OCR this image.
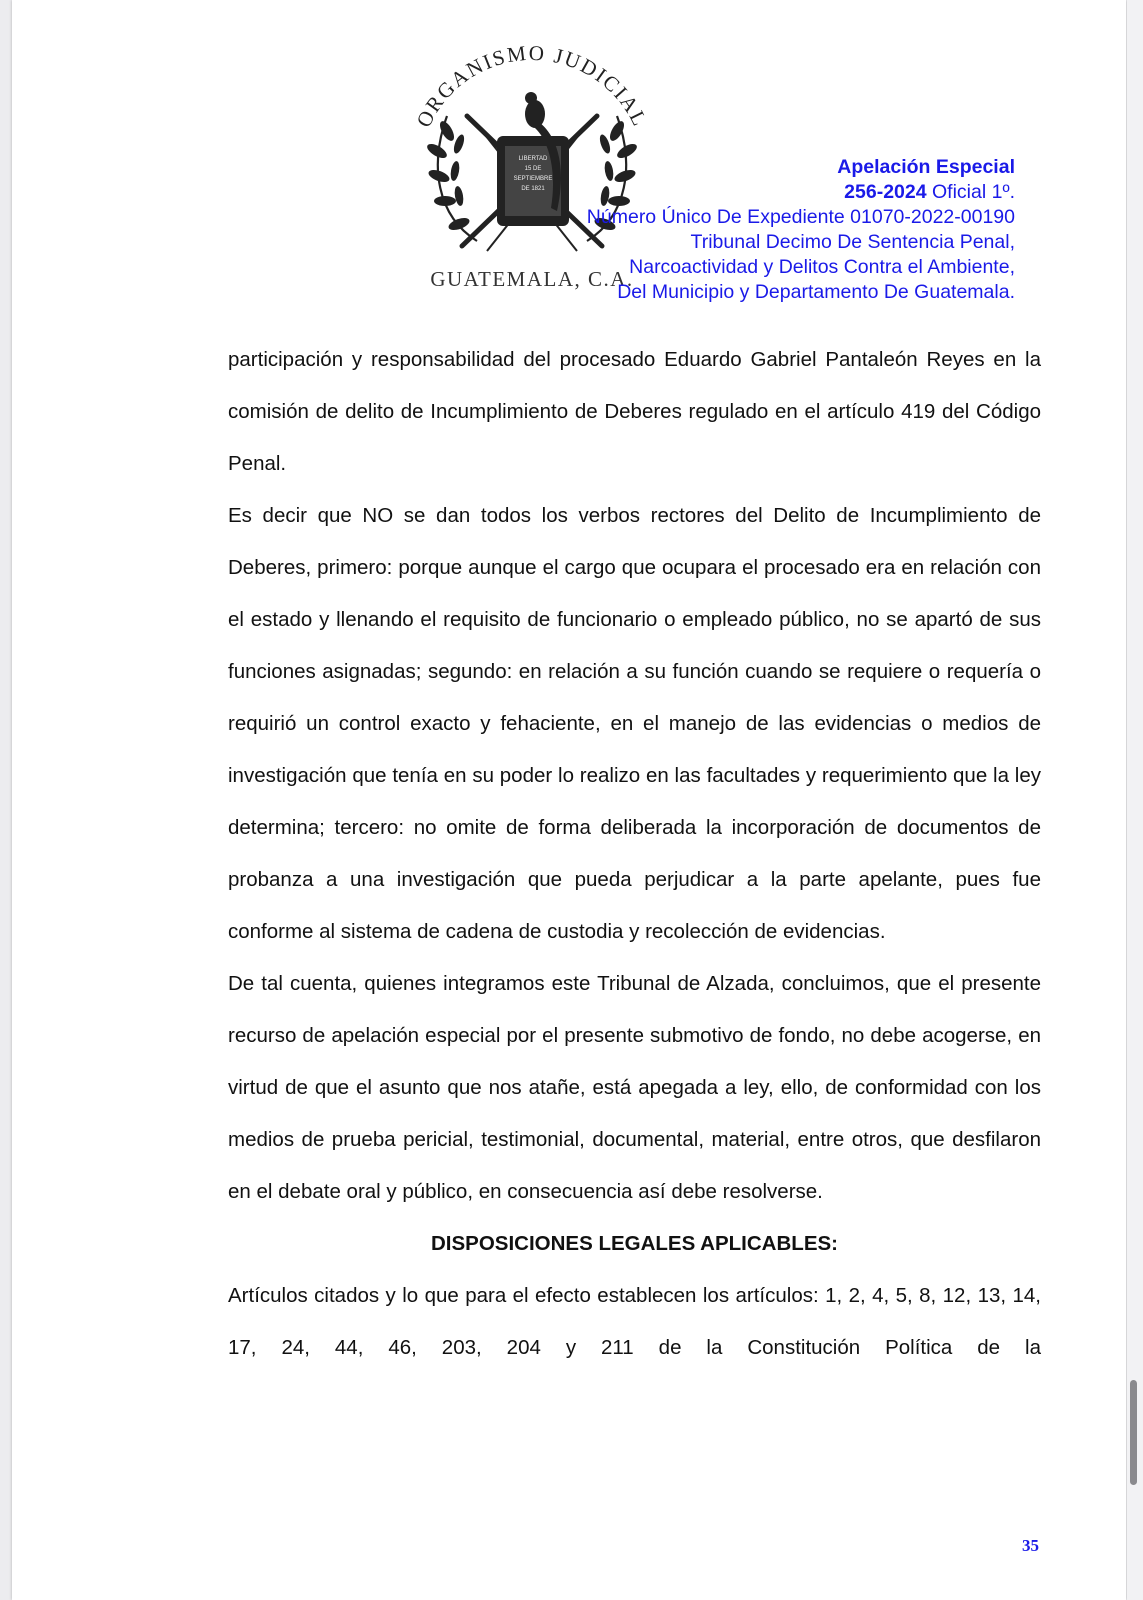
ORGANISMO JUDICIAL
LIBERTAD
15 DE
SEPTIEMBRE
DE 1821
GUATEMALA, C.A.
Apelación Especial
256-2024 Oficial 1º.
Número Único De Expediente 01070-2022-00190
Tribunal Decimo De Sentencia Penal,
Narcoactividad y Delitos Contra el Ambiente,
Del Municipio y Departamento De Guatemala.

participación y responsabilidad del procesado Eduardo Gabriel Pantaleón Reyes en la comisión de delito de Incumplimiento de Deberes regulado en el artículo 419 del Código Penal.

Es decir que NO se dan todos los verbos rectores del Delito de Incumplimiento de Deberes, primero: porque aunque el cargo que ocupara el procesado era en relación con el estado y llenando el requisito de funcionario o empleado público, no se apartó de sus funciones asignadas; segundo: en relación a su función cuando se requiere o requería o requirió un control exacto y fehaciente, en el manejo de las evidencias o medios de investigación que tenía en su poder lo realizo en las facultades y requerimiento que la ley determina; tercero: no omite de forma deliberada la incorporación de documentos de probanza a una investigación que pueda perjudicar a la parte apelante, pues fue conforme al sistema de cadena de custodia y recolección de evidencias.

De tal cuenta, quienes integramos este Tribunal de Alzada, concluimos, que el presente recurso de apelación especial por el presente submotivo de fondo, no debe acogerse, en virtud de que el asunto que nos atañe, está apegada a ley, ello, de conformidad con los medios de prueba pericial, testimonial, documental, material, entre otros, que desfilaron en el debate oral y público, en consecuencia así debe resolverse.

DISPOSICIONES LEGALES APLICABLES:

Artículos citados y lo que para el efecto establecen los artículos: 1, 2, 4, 5, 8, 12, 13, 14, 17, 24, 44, 46, 203, 204 y 211 de la Constitución Política de la

35
